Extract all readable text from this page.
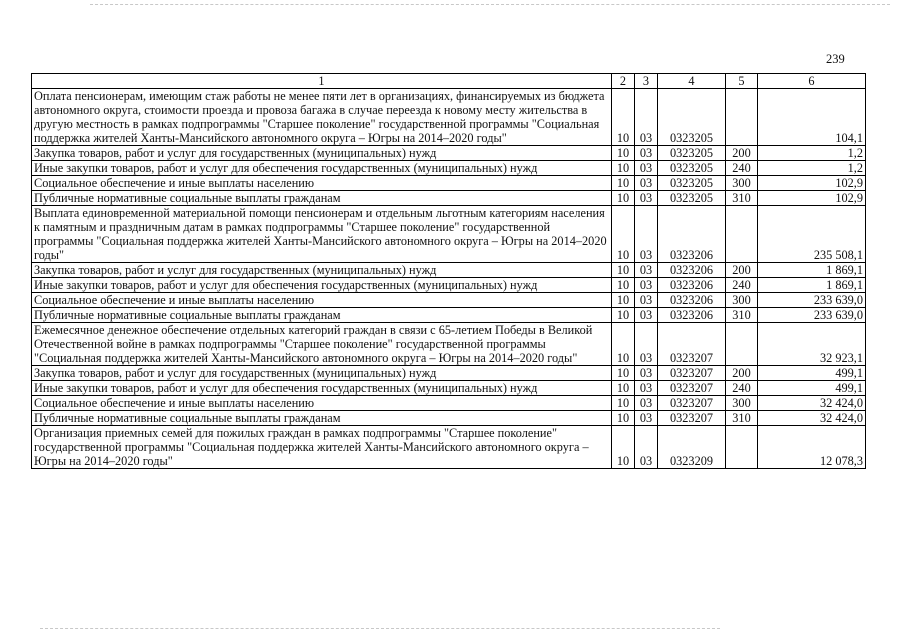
239
1	2	3	4	5	6
Оплата пенсионерам, имеющим стаж работы не менее пяти лет в организациях, финансируемых из бюджета автономного округа, стоимости проезда и провоза багажа в случае переезда к новому месту жительства в другую местность в рамках подпрограммы "Старшее поколение" государственной программы "Социальная поддержка жителей Ханты-Мансийского автономного округа – Югры на 2014–2020 годы"	10	03	0323205		104,1
Закупка товаров, работ и услуг для государственных (муниципальных) нужд	10	03	0323205	200	1,2
Иные закупки товаров, работ и услуг для обеспечения государственных (муниципальных) нужд	10	03	0323205	240	1,2
Социальное обеспечение и иные выплаты населению	10	03	0323205	300	102,9
Публичные нормативные социальные выплаты гражданам	10	03	0323205	310	102,9
Выплата единовременной материальной помощи пенсионерам и отдельным льготным категориям населения к памятным и праздничным датам в рамках подпрограммы "Старшее поколение" государственной программы "Социальная поддержка жителей Ханты-Мансийского автономного округа – Югры на 2014–2020 годы"	10	03	0323206		235 508,1
Закупка товаров, работ и услуг для государственных (муниципальных) нужд	10	03	0323206	200	1 869,1
Иные закупки товаров, работ и услуг для обеспечения государственных (муниципальных) нужд	10	03	0323206	240	1 869,1
Социальное обеспечение и иные выплаты населению	10	03	0323206	300	233 639,0
Публичные нормативные социальные выплаты гражданам	10	03	0323206	310	233 639,0
Ежемесячное денежное обеспечение отдельных категорий граждан в связи с 65-летием Победы в Великой Отечественной войне в рамках подпрограммы "Старшее поколение" государственной программы "Социальная поддержка жителей Ханты-Мансийского автономного округа – Югры на 2014–2020 годы"	10	03	0323207		32 923,1
Закупка товаров, работ и услуг для государственных (муниципальных) нужд	10	03	0323207	200	499,1
Иные закупки товаров, работ и услуг для обеспечения государственных (муниципальных) нужд	10	03	0323207	240	499,1
Социальное обеспечение и иные выплаты населению	10	03	0323207	300	32 424,0
Публичные нормативные социальные выплаты гражданам	10	03	0323207	310	32 424,0
Организация приемных семей для пожилых граждан в рамках подпрограммы "Старшее поколение" государственной программы "Социальная поддержка жителей Ханты-Мансийского автономного округа – Югры на 2014–2020 годы"	10	03	0323209		12 078,3
